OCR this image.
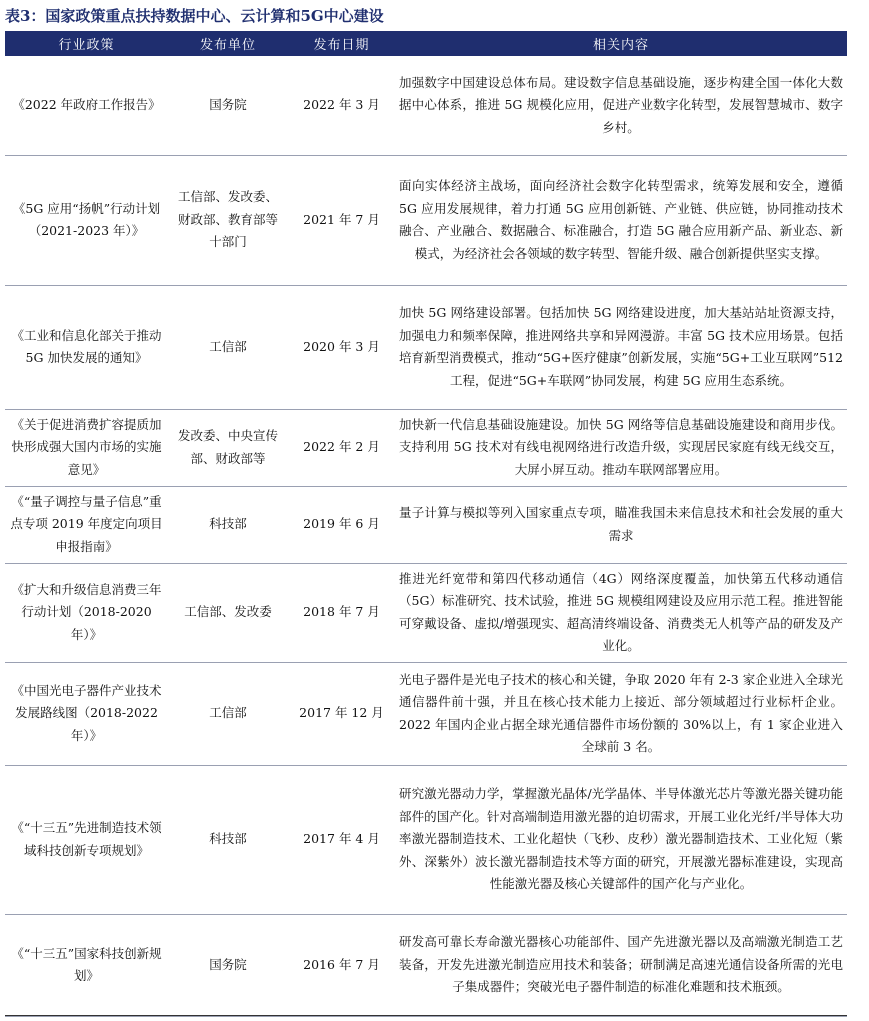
表3：国家政策重点扶持数据中心、云计算和5G中心建设
行业政策	发布单位	发布日期	相关内容
《2022 年政府工作报告》	国务院	2022 年 3 月	加强数字中国建设总体布局。建设数字信息基础设施，逐步构建全国一体化大数据中心体系，推进 5G 规模化应用，促进产业数字化转型，发展智慧城市、数字乡村。
《5G 应用“扬帆”行动计划（2021-2023 年）》	工信部、发改委、财政部、教育部等十部门	2021 年 7 月	面向实体经济主战场，面向经济社会数字化转型需求，统筹发展和安全，遵循 5G 应用发展规律，着力打通 5G 应用创新链、产业链、供应链，协同推动技术融合、产业融合、数据融合、标准融合，打造 5G 融合应用新产品、新业态、新模式，为经济社会各领域的数字转型、智能升级、融合创新提供坚实支撑。
《工业和信息化部关于推动 5G 加快发展的通知》	工信部	2020 年 3 月	加快 5G 网络建设部署。包括加快 5G 网络建设进度，加大基站站址资源支持，加强电力和频率保障，推进网络共享和异网漫游。丰富 5G 技术应用场景。包括培育新型消费模式，推动“5G+医疗健康”创新发展，实施“5G+工业互联网”512 工程，促进“5G+车联网”协同发展，构建 5G 应用生态系统。
《关于促进消费扩容提质加快形成强大国内市场的实施意见》	发改委、中央宣传部、财政部等	2022 年 2 月	加快新一代信息基础设施建设。加快 5G 网络等信息基础设施建设和商用步伐。支持利用 5G 技术对有线电视网络进行改造升级，实现居民家庭有线无线交互，大屏小屏互动。推动车联网部署应用。
《“量子调控与量子信息”重点专项 2019 年度定向项目申报指南》	科技部	2019 年 6 月	量子计算与模拟等列入国家重点专项，瞄准我国未来信息技术和社会发展的重大需求
《扩大和升级信息消费三年行动计划（2018-2020 年）》	工信部、发改委	2018 年 7 月	推进光纤宽带和第四代移动通信（4G）网络深度覆盖，加快第五代移动通信（5G）标准研究、技术试验，推进 5G 规模组网建设及应用示范工程。推进智能可穿戴设备、虚拟/增强现实、超高清终端设备、消费类无人机等产品的研发及产业化。
《中国光电子器件产业技术发展路线图（2018-2022 年）》	工信部	2017 年 12 月	光电子器件是光电子技术的核心和关键，争取 2020 年有 2-3 家企业进入全球光通信器件前十强，并且在核心技术能力上接近、部分领域超过行业标杆企业。2022 年国内企业占据全球光通信器件市场份额的 30%以上，有 1 家企业进入全球前 3 名。
《“十三五”先进制造技术领域科技创新专项规划》	科技部	2017 年 4 月	研究激光器动力学，掌握激光晶体/光学晶体、半导体激光芯片等激光器关键功能部件的国产化。针对高端制造用激光器的迫切需求，开展工业化光纤/半导体大功率激光器制造技术、工业化超快（飞秒、皮秒）激光器制造技术、工业化短（紫外、深紫外）波长激光器制造技术等方面的研究，开展激光器标准建设，实现高性能激光器及核心关键部件的国产化与产业化。
《“十三五”国家科技创新规划》	国务院	2016 年 7 月	研发高可靠长寿命激光器核心功能部件、国产先进激光器以及高端激光制造工艺装备，开发先进激光制造应用技术和装备；研制满足高速光通信设备所需的光电子集成器件；突破光电子器件制造的标准化难题和技术瓶颈。
